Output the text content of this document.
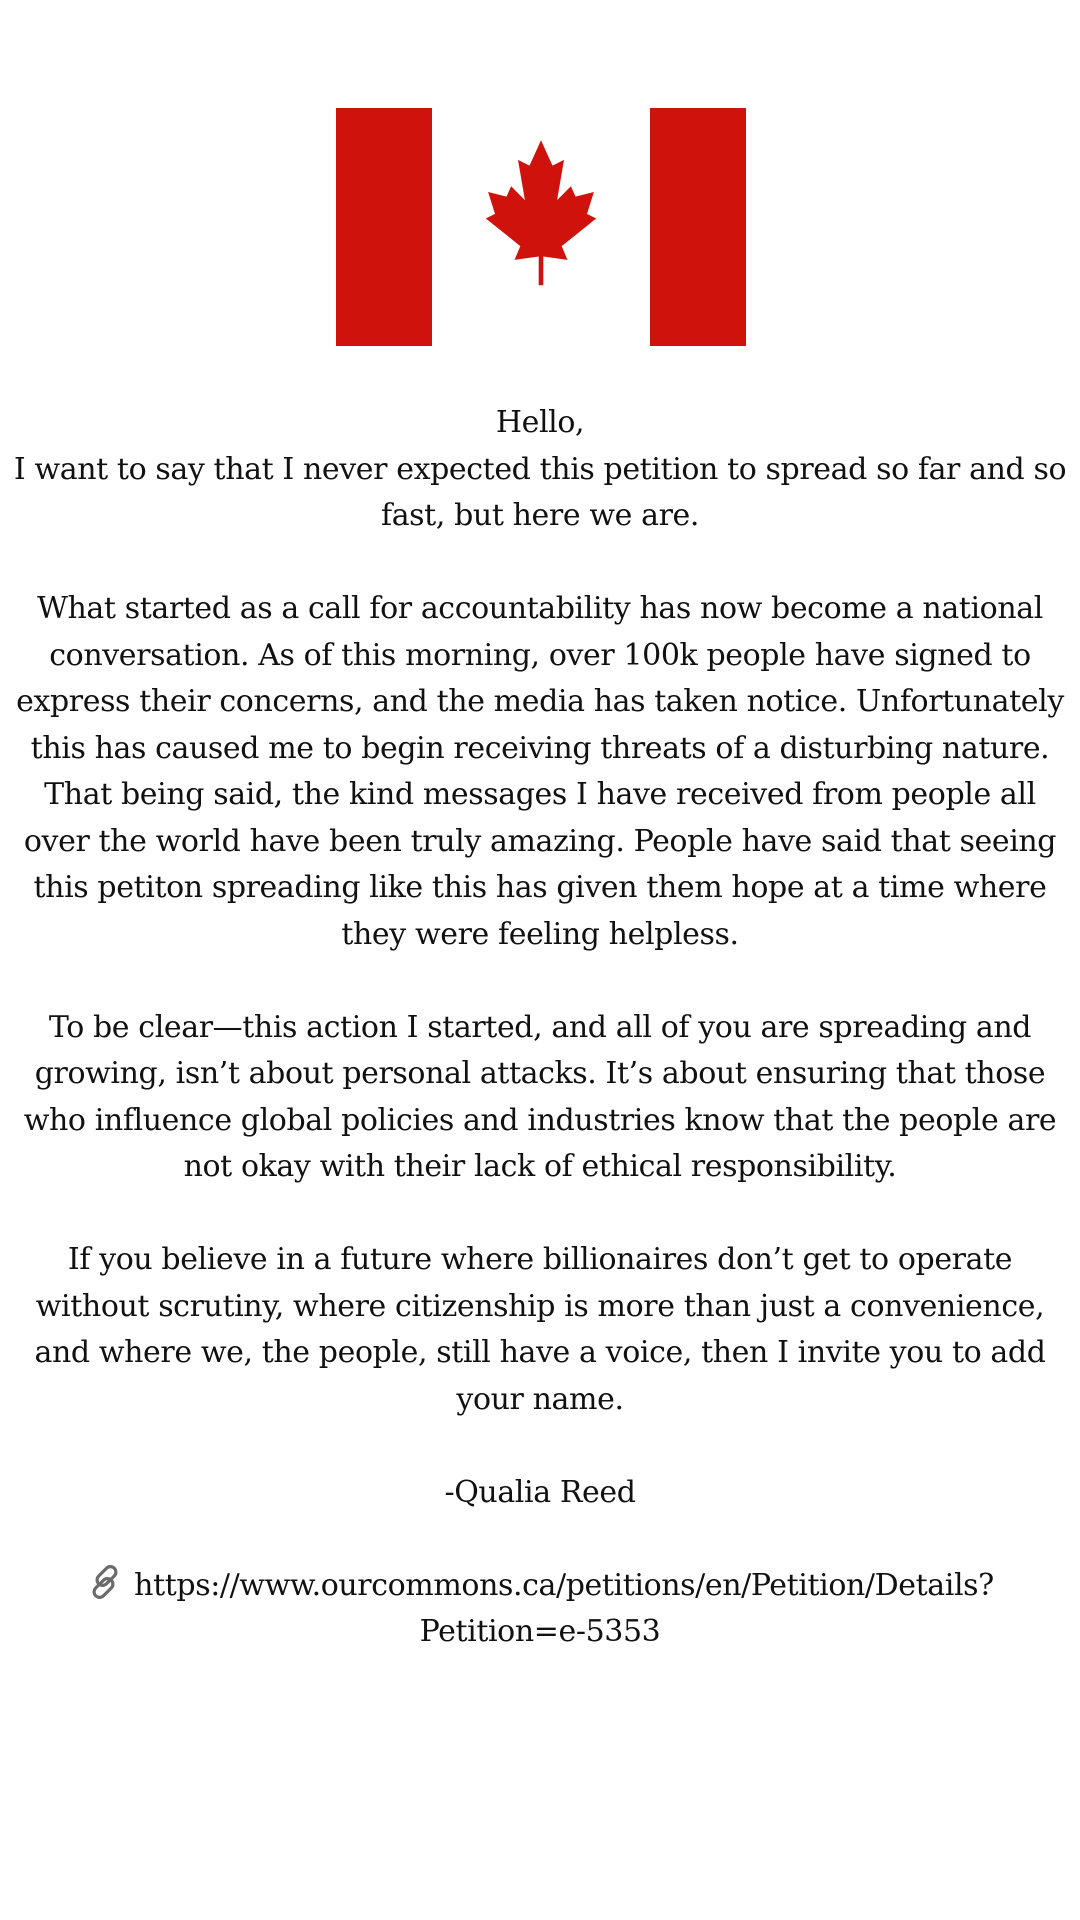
Hello,
I want to say that I never expected this petition to spread so far and so
fast, but here we are.

What started as a call for accountability has now become a national
conversation. As of this morning, over 100k people have signed to
express their concerns, and the media has taken notice. Unfortunately
this has caused me to begin receiving threats of a disturbing nature.
That being said, the kind messages I have received from people all
over the world have been truly amazing. People have said that seeing
this petiton spreading like this has given them hope at a time where
they were feeling helpless.

To be clear—this action I started, and all of you are spreading and
growing, isn’t about personal attacks. It’s about ensuring that those
who influence global policies and industries know that the people are
not okay with their lack of ethical responsibility.

If you believe in a future where billionaires don’t get to operate
without scrutiny, where citizenship is more than just a convenience,
and where we, the people, still have a voice, then I invite you to add
your name.

-Qualia Reed

https://www.ourcommons.ca/petitions/en/Petition/Details?
Petition=e-5353
